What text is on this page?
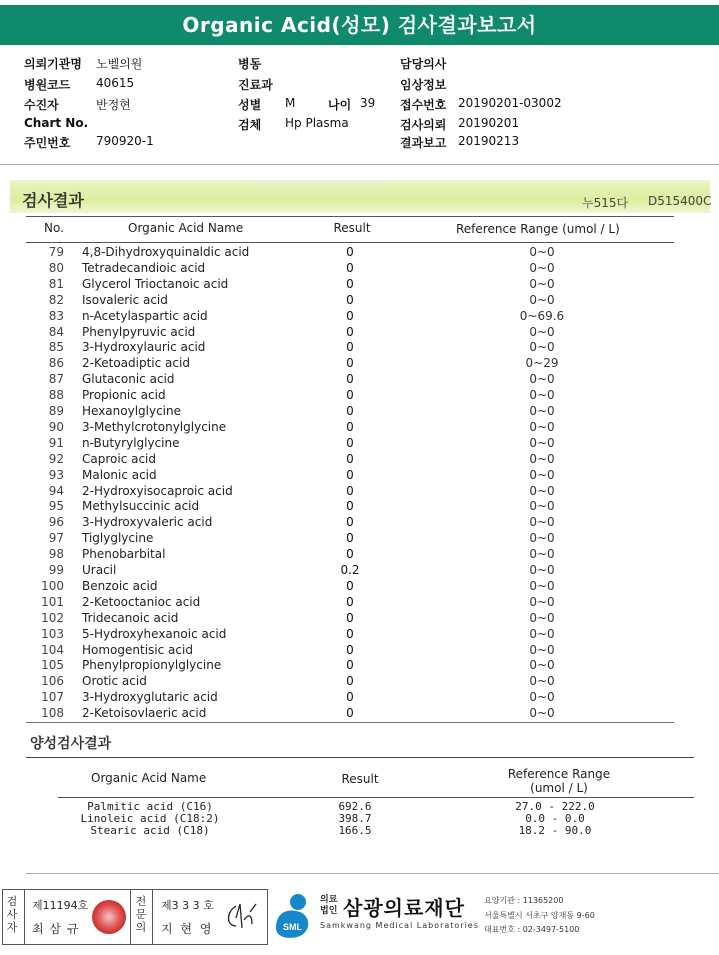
Organic Acid(성모) 검사결과보고서
의뢰기관명 노벨의원
병원코드 40615
수진자	반정현
Chart No.
주민번호 790920-1
병동
진료과
성별 M	나이 39
검체 Hp Plasma
담당의사
임상정보
접수번호 20190201-03002
검사의뢰 20190201
결과보고 20190213
검사결과	누515다 D515400C
No.	Organic Acid Name	Result	Reference Range (umol / L)
79 4,8-Dihydroxyquinaldic acid	0	0~0
80 Tetradecandioic acid	0	0~0
81 Glycerol Trioctanoic acid	0	0~0
82 Isovaleric acid	0	0~0
83 n-Acetylaspartic acid	0	0~69.6
84 Phenylpyruvic acid	0	0~0
85 3-Hydroxylauric acid	0	0~0
86 2-Ketoadiptic acid	0	0~29
87 Glutaconic acid	0	0~0
88 Propionic acid	0	0~0
89 Hexanoylglycine	0	0~0
90 3-Methylcrotonylglycine	0	0~0
91 n-Butyrylglycine	0	0~0
92 Caproic acid	0	0~0
93 Malonic acid	0	0~0
94 2-Hydroxyisocaproic acid	0	0~0
95 Methylsuccinic acid	0	0~0
96 3-Hydroxyvaleric acid	0	0~0
97 Tiglyglycine	0	0~0
98 Phenobarbital	0	0~0
99 Uracil	0.2	0~0
100 Benzoic acid	0	0~0
101 2-Ketooctanioc acid	0	0~0
102 Tridecanoic acid	0	0~0
103 5-Hydroxyhexanoic acid	0	0~0
104 Homogentisic acid	0	0~0
105 Phenylpropionylglycine	0	0~0
106 Orotic acid	0	0~0
107 3-Hydroxyglutaric acid	0	0~0
108 2-Ketoisovlaeric acid	0	0~0
양성검사결과
Organic Acid Name	Result	Reference Range
(umol / L)
Palmitic acid (C16)	692.6	27.0 - 222.0
Linoleic acid (C18:2)	398.7	0.0 - 0.0
Stearic acid (C18)	166.5	18.2 - 90.0
검사자
제11194호
최 삼 규
전문의
제3 3 3 호
지 현 영	SML
의료법인 삼광의료재단
Samkwang Medical Laboratories
요양기관 : 11365200
서울특별시 서초구 양재동 9-60
대표번호 : 02-3497-5100
